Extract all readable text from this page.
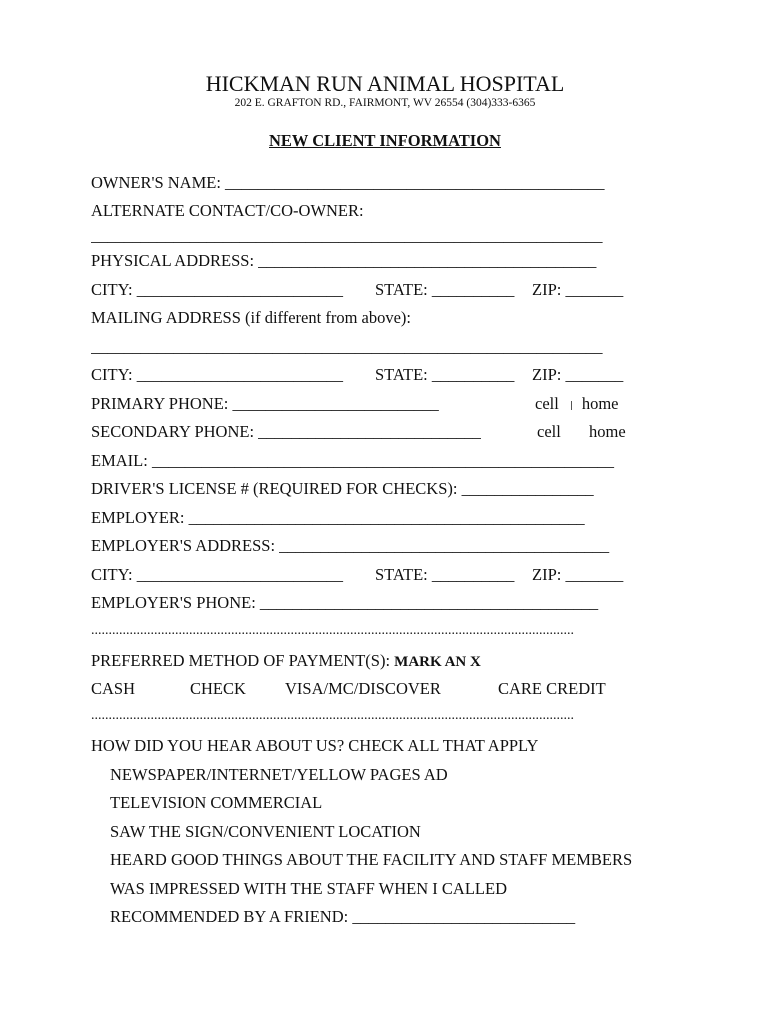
HICKMAN RUN ANIMAL HOSPITAL
202 E. GRAFTON RD., FAIRMONT, WV 26554 (304)333-6365
NEW CLIENT INFORMATION
OWNER'S NAME: ______________________________________________
ALTERNATE CONTACT/CO-OWNER:
______________________________________________________________
PHYSICAL ADDRESS: _________________________________________
CITY: _________________________ STATE: __________ ZIP: _______
MAILING ADDRESS (if different from above):
______________________________________________________________
CITY: _________________________ STATE: __________ ZIP: _______
PRIMARY PHONE: _________________________	cell home
SECONDARY PHONE: ___________________________	cell home
EMAIL: ________________________________________________________
DRIVER'S LICENSE # (REQUIRED FOR CHECKS): ________________
EMPLOYER: ________________________________________________
EMPLOYER'S ADDRESS: ________________________________________
CITY: _________________________ STATE: __________ ZIP: _______
EMPLOYER'S PHONE: _________________________________________
..........................................................................................................................................
PREFERRED METHOD OF PAYMENT(S): MARK AN X
CASH	CHECK VISA/MC/DISCOVER	CARE CREDIT
..........................................................................................................................................
HOW DID YOU HEAR ABOUT US? CHECK ALL THAT APPLY
NEWSPAPER/INTERNET/YELLOW PAGES AD
TELEVISION COMMERCIAL
SAW THE SIGN/CONVENIENT LOCATION
HEARD GOOD THINGS ABOUT THE FACILITY AND STAFF MEMBERS
WAS IMPRESSED WITH THE STAFF WHEN I CALLED
RECOMMENDED BY A FRIEND: ___________________________
